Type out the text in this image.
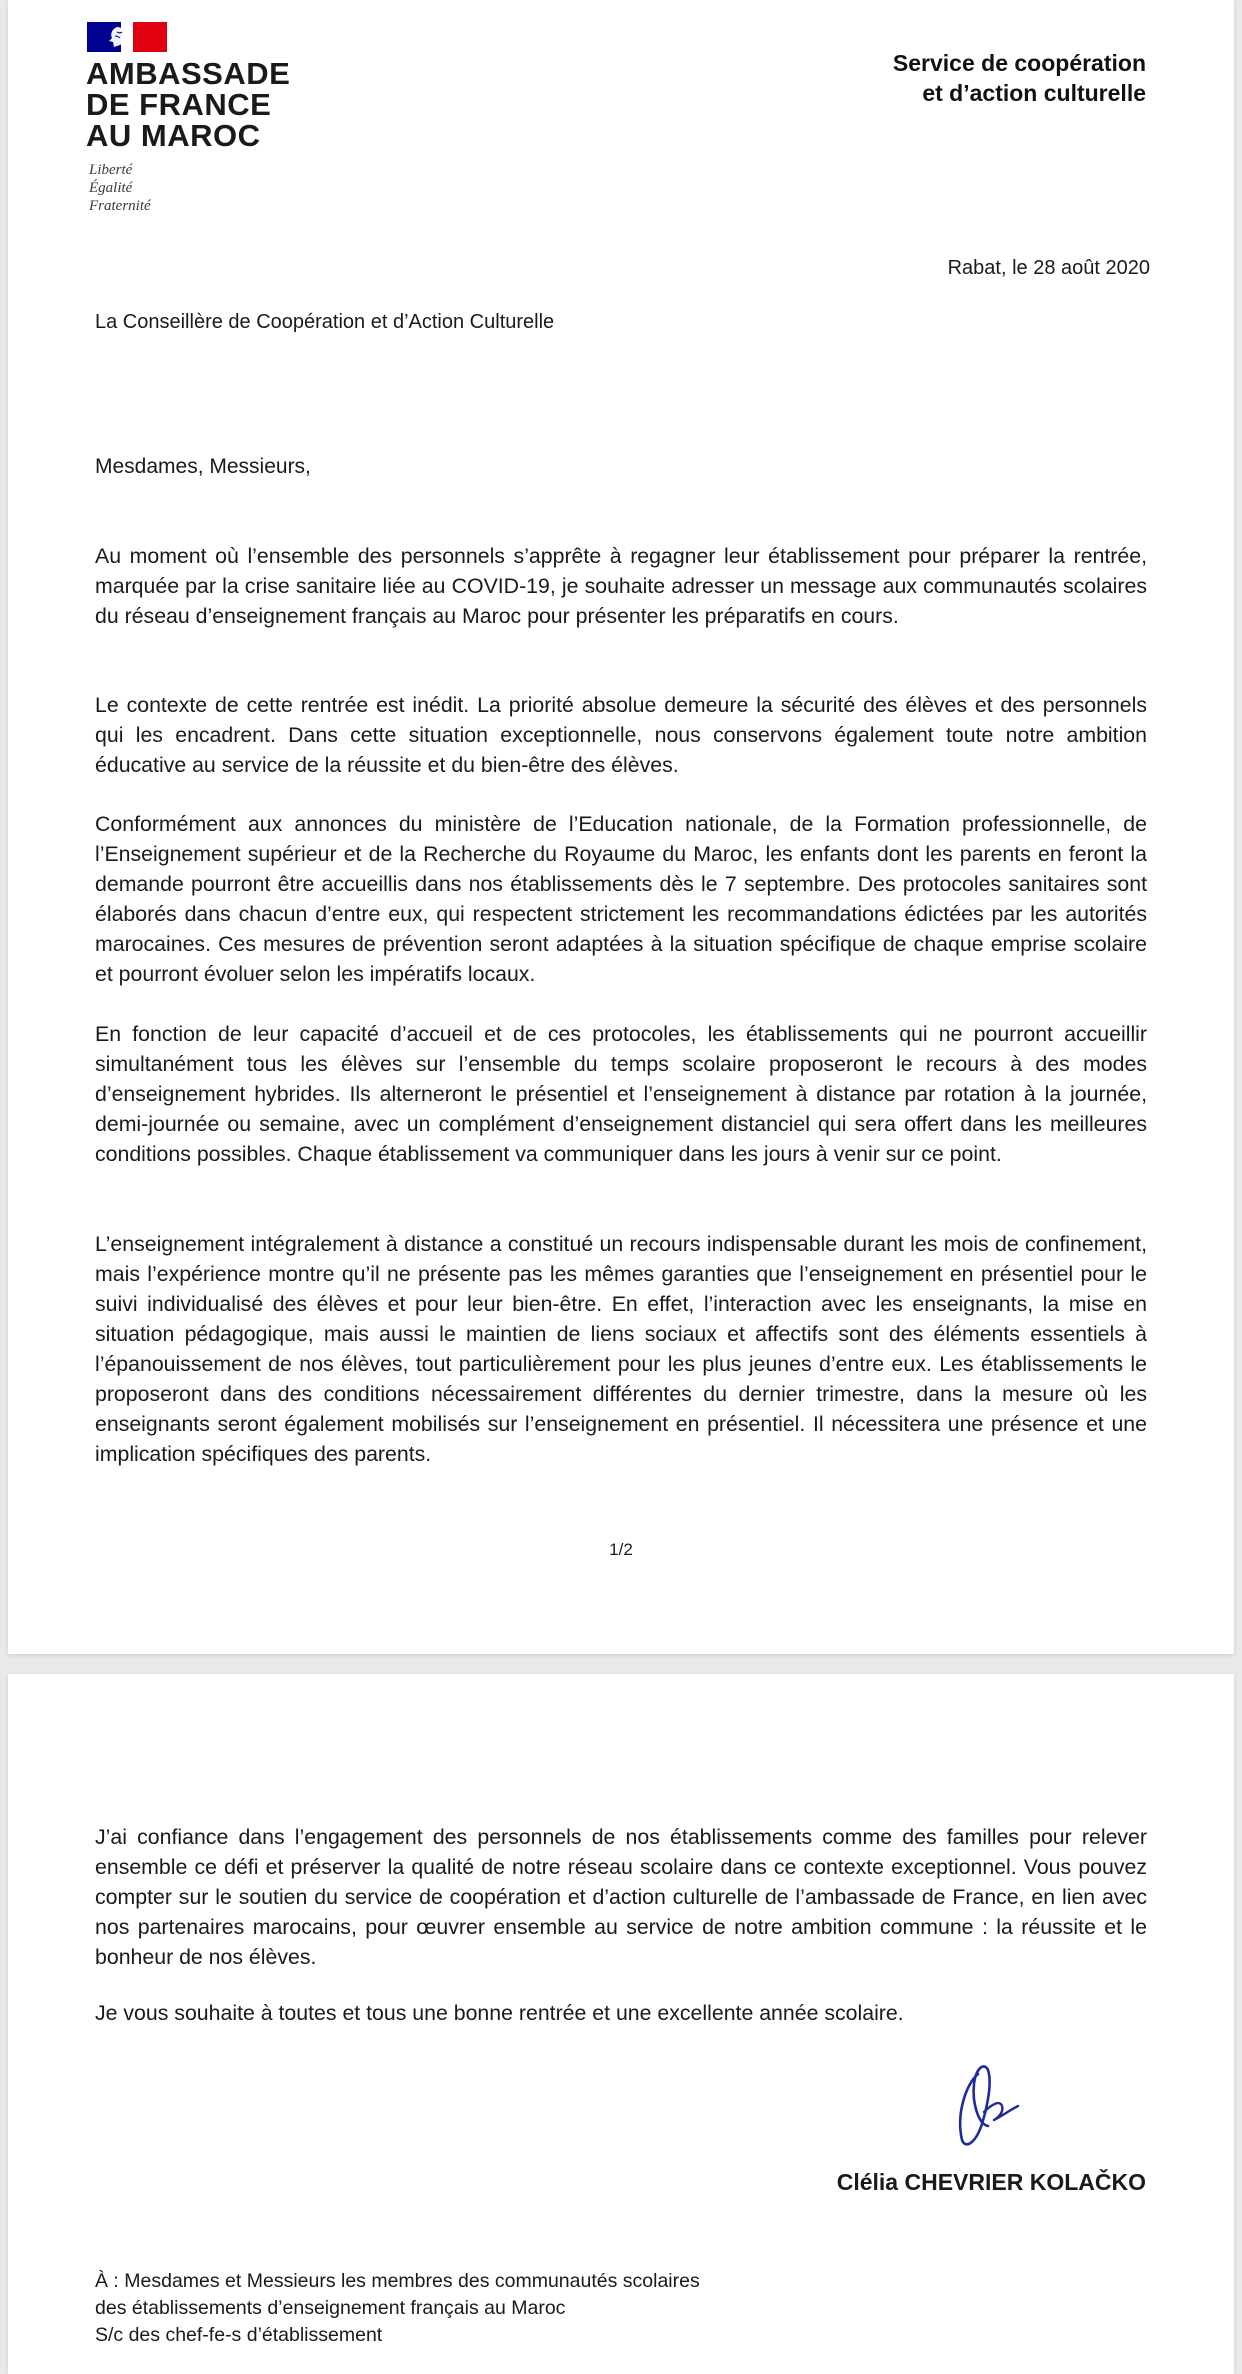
AMBASSADE
DE FRANCE
AU MAROC
Liberté
Égalité
Fraternité
Service de coopération
et d’action culturelle
Rabat, le 28 août 2020
La Conseillère de Coopération et d’Action Culturelle
Mesdames, Messieurs,

Au moment où l’ensemble des personnels s’apprête à regagner leur établissement pour préparer la rentrée, marquée par la crise sanitaire liée au COVID-19, je souhaite adresser un message aux communautés scolaires du réseau d’enseignement français au Maroc pour présenter les préparatifs en cours.

Le contexte de cette rentrée est inédit. La priorité absolue demeure la sécurité des élèves et des personnels qui les encadrent. Dans cette situation exceptionnelle, nous conservons également toute notre ambition éducative au service de la réussite et du bien-être des élèves.

Conformément aux annonces du ministère de l’Education nationale, de la Formation professionnelle, de l’Enseignement supérieur et de la Recherche du Royaume du Maroc, les enfants dont les parents en feront la demande pourront être accueillis dans nos établissements dès le 7 septembre. Des protocoles sanitaires sont élaborés dans chacun d’entre eux, qui respectent strictement les recommandations édictées par les autorités marocaines. Ces mesures de prévention seront adaptées à la situation spécifique de chaque emprise scolaire et pourront évoluer selon les impératifs locaux.

En fonction de leur capacité d’accueil et de ces protocoles, les établissements qui ne pourront accueillir simultanément tous les élèves sur l’ensemble du temps scolaire proposeront le recours à des modes d’enseignement hybrides. Ils alterneront le présentiel et l’enseignement à distance par rotation à la journée, demi-journée ou semaine, avec un complément d’enseignement distanciel qui sera offert dans les meilleures conditions possibles. Chaque établissement va communiquer dans les jours à venir sur ce point.

L’enseignement intégralement à distance a constitué un recours indispensable durant les mois de confinement, mais l’expérience montre qu’il ne présente pas les mêmes garanties que l’enseignement en présentiel pour le suivi individualisé des élèves et pour leur bien-être. En effet, l’interaction avec les enseignants, la mise en situation pédagogique, mais aussi le maintien de liens sociaux et affectifs sont des éléments essentiels à l’épanouissement de nos élèves, tout particulièrement pour les plus jeunes d’entre eux. Les établissements le proposeront dans des conditions nécessairement différentes du dernier trimestre, dans la mesure où les enseignants seront également mobilisés sur l’enseignement en présentiel. Il nécessitera une présence et une implication spécifiques des parents.

1/2

J’ai confiance dans l’engagement des personnels de nos établissements comme des familles pour relever ensemble ce défi et préserver la qualité de notre réseau scolaire dans ce contexte exceptionnel. Vous pouvez compter sur le soutien du service de coopération et d’action culturelle de l’ambassade de France, en lien avec nos partenaires marocains, pour œuvrer ensemble au service de notre ambition commune : la réussite et le bonheur de nos élèves.

Je vous souhaite à toutes et tous une bonne rentrée et une excellente année scolaire.

Clélia CHEVRIER KOLAČKO
À : Mesdames et Messieurs les membres des communautés scolaires
des établissements d’enseignement français au Maroc
S/c des chef-fe-s d’établissement
